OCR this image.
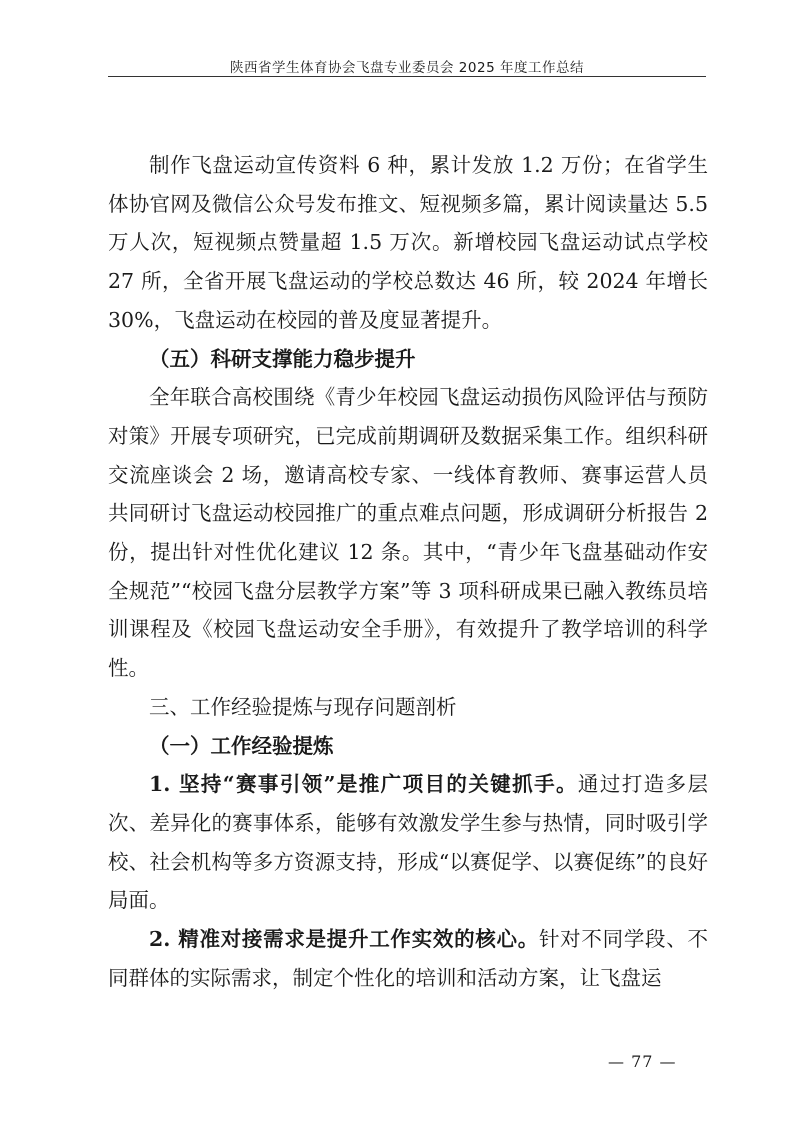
陕西省学生体育协会飞盘专业委员会 2025 年度工作总结

制作飞盘运动宣传资料 6 种，累计发放 1.2 万份；在省学生体协官网及微信公众号发布推文、短视频多篇，累计阅读量达 5.5 万人次，短视频点赞量超 1.5 万次。新增校园飞盘运动试点学校 27 所，全省开展飞盘运动的学校总数达 46 所，较 2024 年增长 30%，飞盘运动在校园的普及度显著提升。

（五）科研支撑能力稳步提升

全年联合高校围绕《青少年校园飞盘运动损伤风险评估与预防对策》开展专项研究，已完成前期调研及数据采集工作。组织科研交流座谈会 2 场，邀请高校专家、一线体育教师、赛事运营人员共同研讨飞盘运动校园推广的重点难点问题，形成调研分析报告 2 份，提出针对性优化建议 12 条。其中，“青少年飞盘基础动作安全规范”“校园飞盘分层教学方案”等 3 项科研成果已融入教练员培训课程及《校园飞盘运动安全手册》，有效提升了教学培训的科学性。

三、工作经验提炼与现存问题剖析

（一）工作经验提炼

1. 坚持“赛事引领”是推广项目的关键抓手。通过打造多层次、差异化的赛事体系，能够有效激发学生参与热情，同时吸引学校、社会机构等多方资源支持，形成“以赛促学、以赛促练”的良好局面。

2. 精准对接需求是提升工作实效的核心。针对不同学段、不同群体的实际需求，制定个性化的培训和活动方案，让飞盘运

— 77 —
